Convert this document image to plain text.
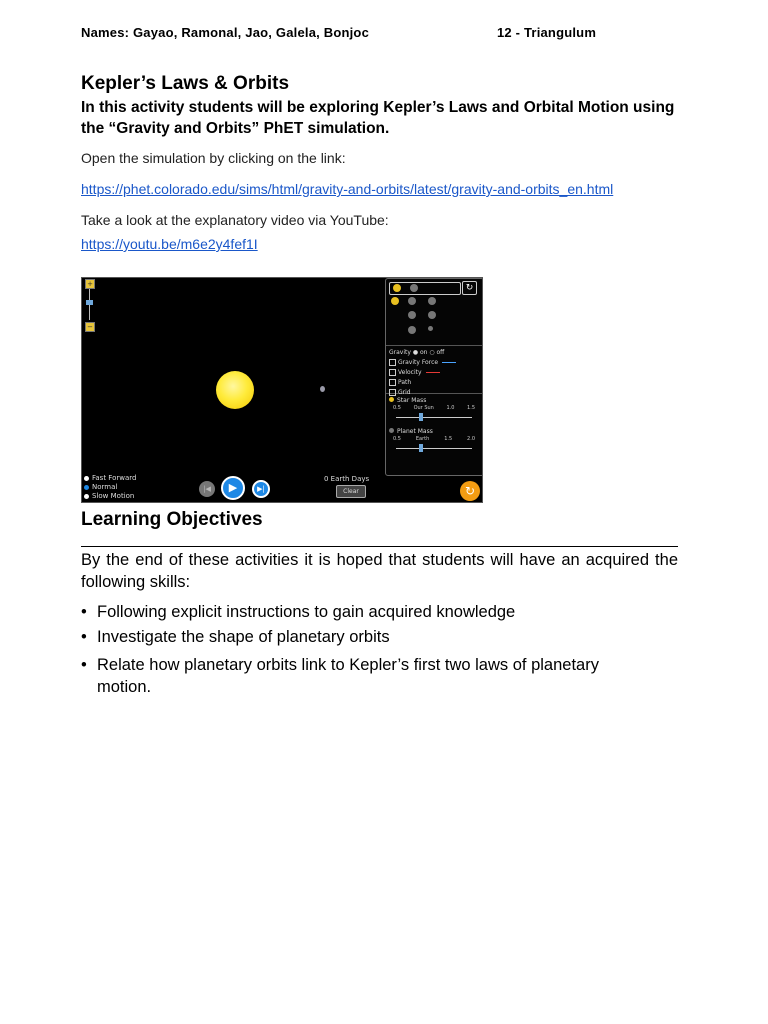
Names: Gayao, Ramonal, Jao, Galela, Bonjoc	12 - Triangulum
Kepler’s Laws & Orbits

In this activity students will be exploring Kepler’s Laws and Orbital Motion using the “Gravity and Orbits” PhET simulation.

Open the simulation by clicking on the link:
https://phet.colorado.edu/sims/html/gravity-and-orbits/latest/gravity-and-orbits_en.html
Take a look at the explanatory video via YouTube:
https://youtu.be/m6e2y4fef1I
+
−
↻
Gravity ● on ○ off
Gravity Force
Velocity
Path
Grid
Star Mass
0.5	Our Sun	1.0	1.5
Planet Mass
0.5	Earth	1.5	2.0
Fast Forward
Normal
Slow Motion
|◀	▶	▶|
0 Earth Days
Clear	↻
Learning Objectives

By the end of these activities it is hoped that students will have an acquired the following skills:

• Following explicit instructions to gain acquired knowledge
• Investigate the shape of planetary orbits
• Relate how planetary orbits link to Kepler’s first two laws of planetary motion.
